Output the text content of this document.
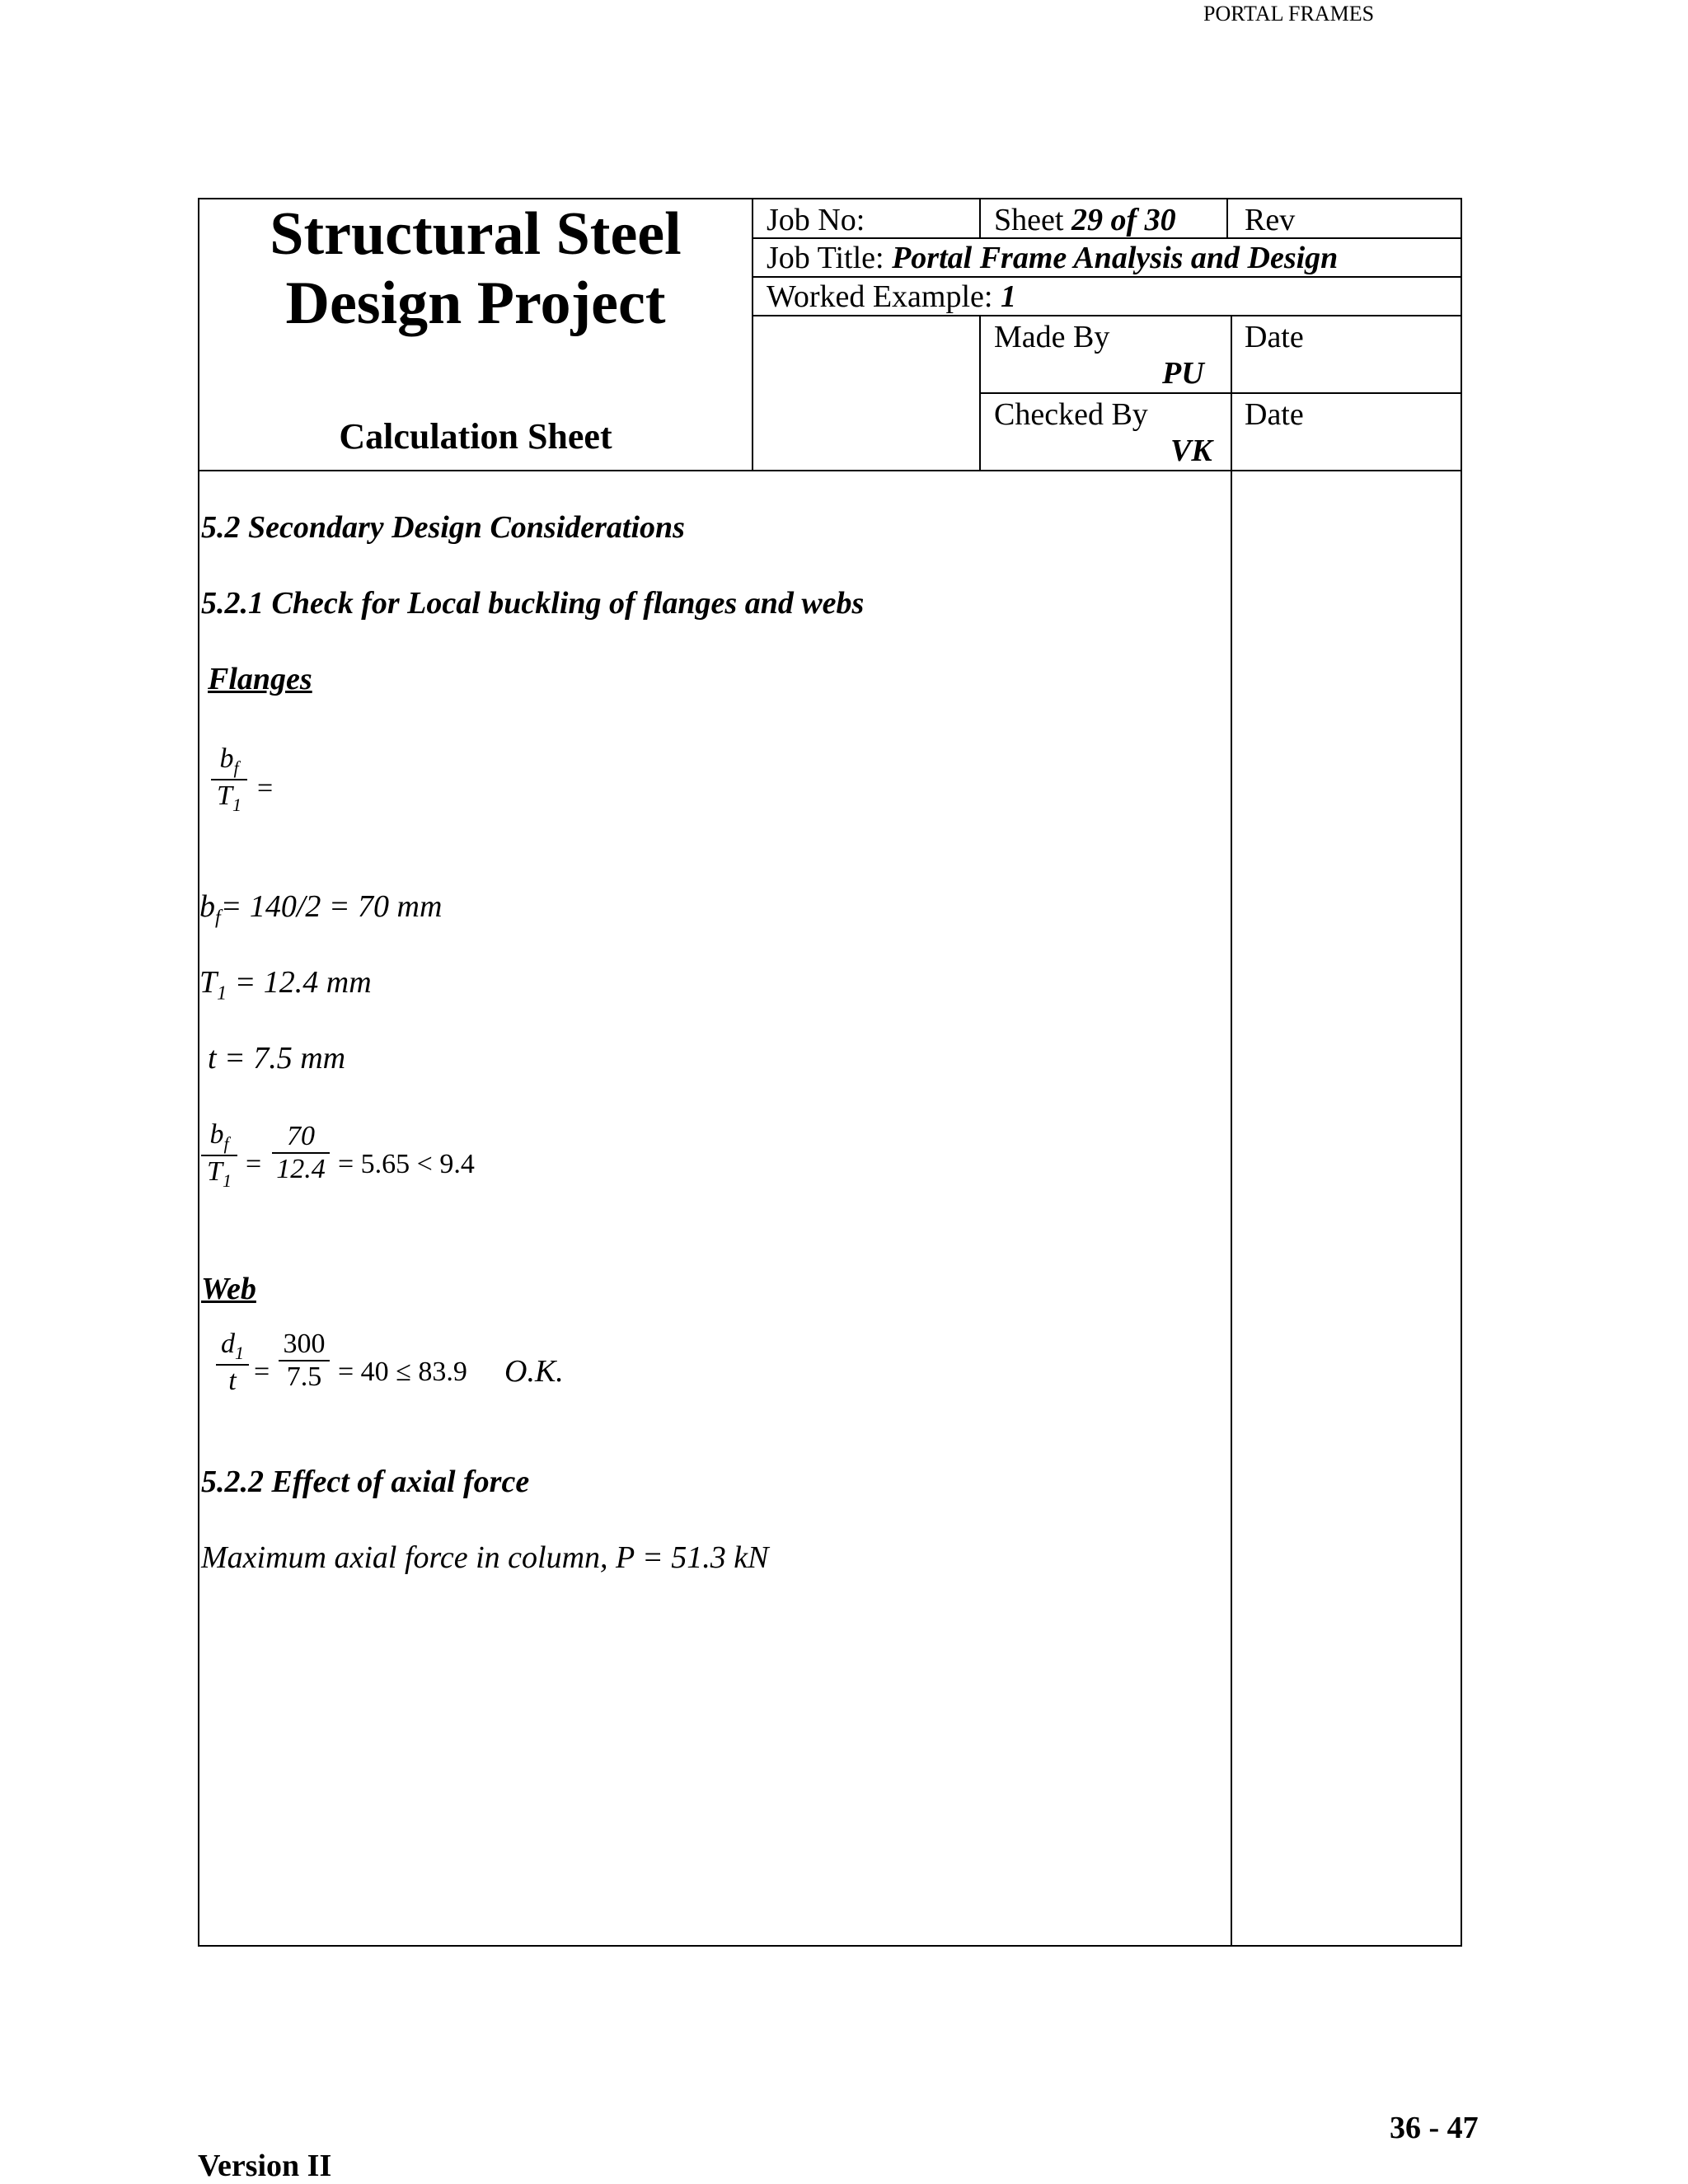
PORTAL FRAMES
Structural Steel
Design Project
Calculation Sheet
Job No:	Sheet 29 of 30 Rev
Job Title: Portal Frame Analysis and Design
Worked Example: 1
Made By
PU
Date
Checked By
VK
Date
5.2 Secondary Design Considerations
5.2.1 Check for Local buckling of flanges and webs
Flanges
$b_f$
$T_1$
=
$b_f= 140/2 = 70$ mm
$T_1 = 12.4$ mm
t = 7.5 mm
$b_f$
$T_1$
=
70
12.4 = 5.65 < 9.4
Web
$d_1$
t =
300
7.5 = 40 ≤ 83.9 O.K.
5.2.2 Effect of axial force
Maximum axial force in column, P = 51.3 kN
36 - 47
Version II
